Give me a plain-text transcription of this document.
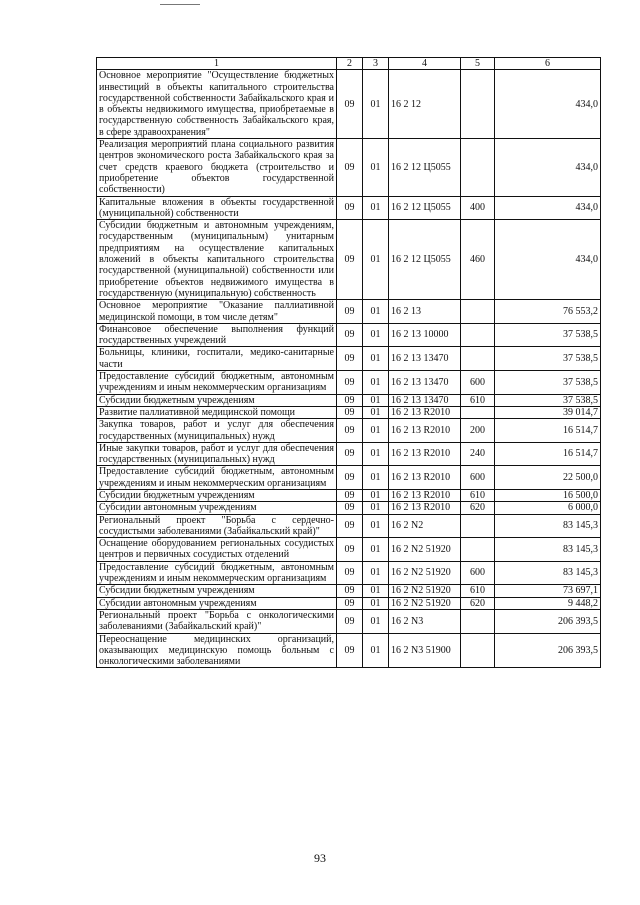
1	2	3	4	5	6
Основное мероприятие "Осуществление бюджетных инвестиций в объекты капитального строительства государственной собственности Забайкальского края и в объекты недвижимого имущества, приобретаемые в государственную собственность Забайкальского края, в сфере здравоохранения"	09	01	16 2 12		434,0
Реализация мероприятий плана социального развития центров экономического роста Забайкальского края за счет средств краевого бюджета (строительство и приобретение объектов государственной собственности)	09	01	16 2 12 Ц5055		434,0
Капитальные вложения в объекты государственной (муниципальной) собственности	09	01	16 2 12 Ц5055	400	434,0
Субсидии бюджетным и автономным учреждениям, государственным (муниципальным) унитарным предприятиям на осуществление капитальных вложений в объекты капитального строительства государственной (муниципальной) собственности или приобретение объектов недвижимого имущества в государственную (муниципальную) собственность	09	01	16 2 12 Ц5055	460	434,0
Основное мероприятие "Оказание паллиативной медицинской помощи, в том числе детям"	09	01	16 2 13		76 553,2
Финансовое обеспечение выполнения функций государственных учреждений	09	01	16 2 13 10000		37 538,5
Больницы, клиники, госпитали, медико-санитарные части	09	01	16 2 13 13470		37 538,5
Предоставление субсидий бюджетным, автономным учреждениям и иным некоммерческим организациям	09	01	16 2 13 13470	600	37 538,5
Субсидии бюджетным учреждениям	09	01	16 2 13 13470	610	37 538,5
Развитие паллиативной медицинской помощи	09	01	16 2 13 R2010		39 014,7
Закупка товаров, работ и услуг для обеспечения государственных (муниципальных) нужд	09	01	16 2 13 R2010	200	16 514,7
Иные закупки товаров, работ и услуг для обеспечения государственных (муниципальных) нужд	09	01	16 2 13 R2010	240	16 514,7
Предоставление субсидий бюджетным, автономным учреждениям и иным некоммерческим организациям	09	01	16 2 13 R2010	600	22 500,0
Субсидии бюджетным учреждениям	09	01	16 2 13 R2010	610	16 500,0
Субсидии автономным учреждениям	09	01	16 2 13 R2010	620	6 000,0
Региональный проект "Борьба с сердечно-сосудистыми заболеваниями (Забайкальский край)"	09	01	16 2 N2		83 145,3
Оснащение оборудованием региональных сосудистых центров и первичных сосудистых отделений	09	01	16 2 N2 51920		83 145,3
Предоставление субсидий бюджетным, автономным учреждениям и иным некоммерческим организациям	09	01	16 2 N2 51920	600	83 145,3
Субсидии бюджетным учреждениям	09	01	16 2 N2 51920	610	73 697,1
Субсидии автономным учреждениям	09	01	16 2 N2 51920	620	9 448,2
Региональный проект "Борьба с онкологическими заболеваниями (Забайкальский край)"	09	01	16 2 N3		206 393,5
Переоснащение медицинских организаций, оказывающих медицинскую помощь больным с онкологическими заболеваниями	09	01	16 2 N3 51900		206 393,5
93
